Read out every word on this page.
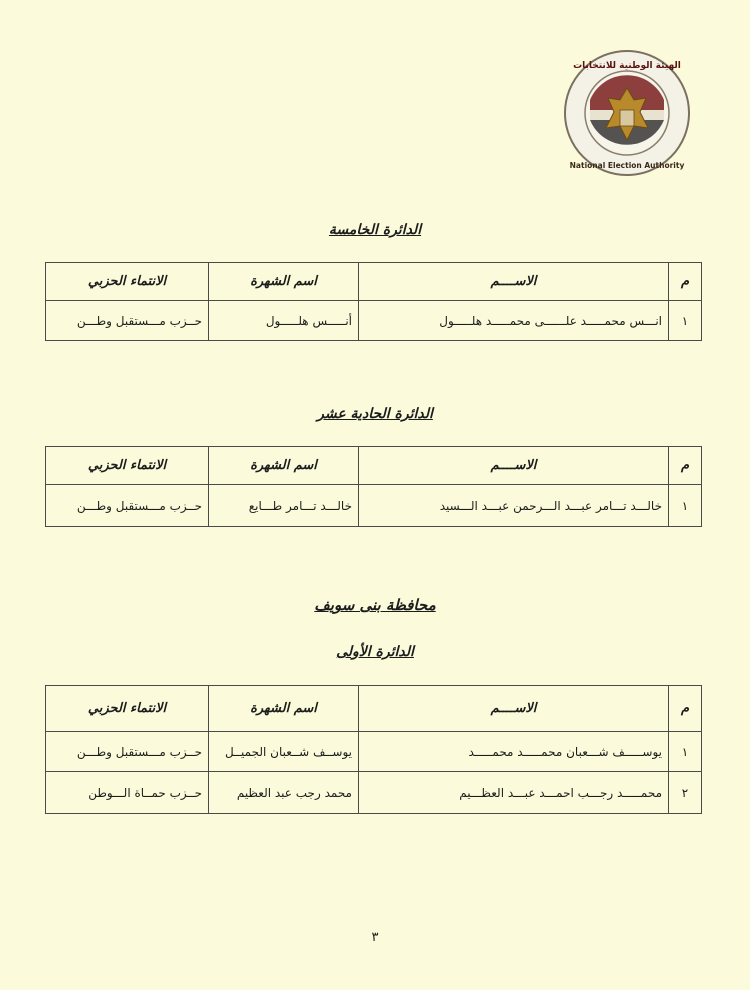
الهيئة الوطنية للانتخابات
National Election Authority
الدائرة الخامسة
م	الاســــم	اسم الشهرة	الانتماء الحزبي
١	انـــس محمـــــد علــــــى محمـــــد هلـــــول	أنـــــس هلـــــول	حــزب مـــستقبل وطـــن
الدائرة الحادية عشر
م	الاســــم	اسم الشهرة	الانتماء الحزبي
١	خالـــد تـــامر عبـــد الـــرحمن عبـــد الـــسيد	خالـــد تـــامر طـــايع	حــزب مـــستقبل وطـــن
محافظة بنى سويف
الدائرة الأولى
م	الاســــم	اسم الشهرة	الانتماء الحزبي
١	يوســـــف شـــعبان محمـــــد محمـــــد	يوســف شــعبان الجميــل	حــزب مـــستقبل وطـــن
٢	محمـــــد رجـــب احمـــد عبـــد العظـــيم	محمد رجب عبد العظيم	حــزب حمــاة الـــوطن
٣
